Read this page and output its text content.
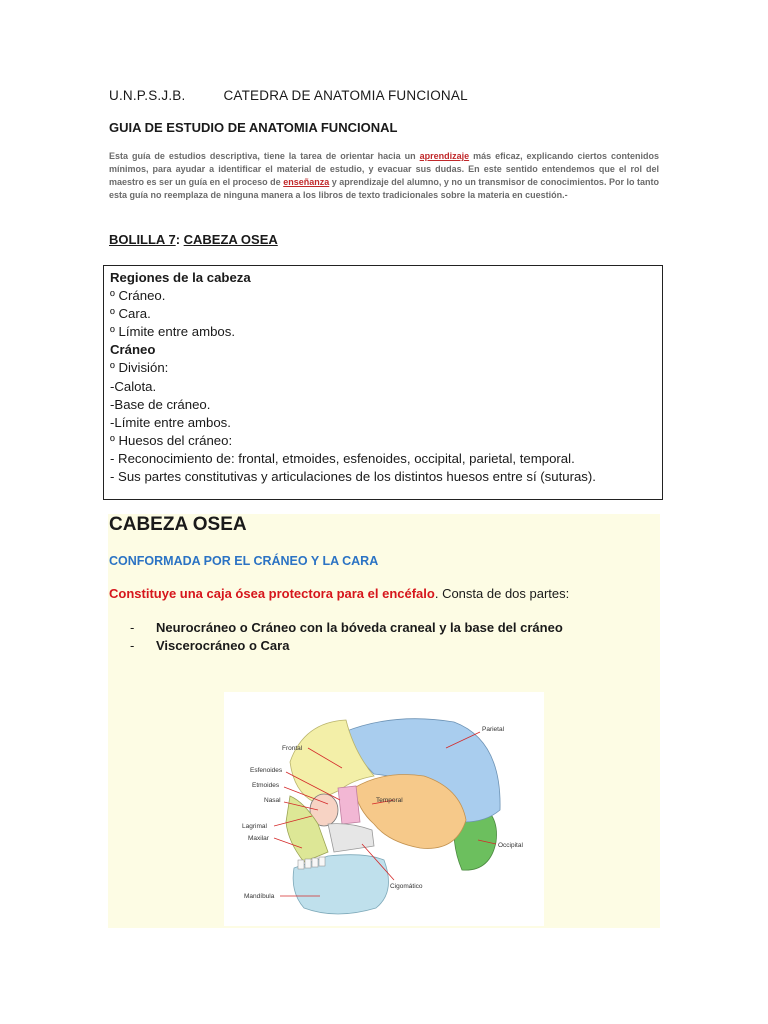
U.N.P.S.J.B.	CATEDRA DE ANATOMIA FUNCIONAL
GUIA DE ESTUDIO DE ANATOMIA FUNCIONAL
Esta guía de estudios descriptiva, tiene la tarea de orientar hacia un aprendizaje más eficaz, explicando ciertos contenidos mínimos, para ayudar a identificar el material de estudio, y evacuar sus dudas. En este sentido entendemos que el rol del maestro es ser un guía en el proceso de enseñanza y aprendizaje del alumno, y no un transmisor de conocimientos. Por lo tanto esta guía no reemplaza de ninguna manera a los libros de texto tradicionales sobre la materia en cuestión.-
BOLILLA 7: CABEZA OSEA
Regiones de la cabeza
º Cráneo.
º Cara.
º Límite entre ambos.
Cráneo
º División:
-Calota.
-Base de cráneo.
-Límite entre ambos.
º Huesos del cráneo:
- Reconocimiento de: frontal, etmoides, esfenoides, occipital, parietal, temporal.
- Sus partes constitutivas y articulaciones de los distintos huesos entre sí (suturas).
CABEZA OSEA
CONFORMADA POR EL CRÁNEO Y LA CARA
Constituye una caja ósea protectora para el encéfalo. Consta de dos partes:
- Neurocráneo o Cráneo con la bóveda craneal y la base del cráneo
- Viscerocráneo o Cara
Parietal
Frontal
Esfenoides
Etmoides
Nasal	Temporal
Lagrimal
Maxilar
Occipital
Cigomático
Mandíbula
